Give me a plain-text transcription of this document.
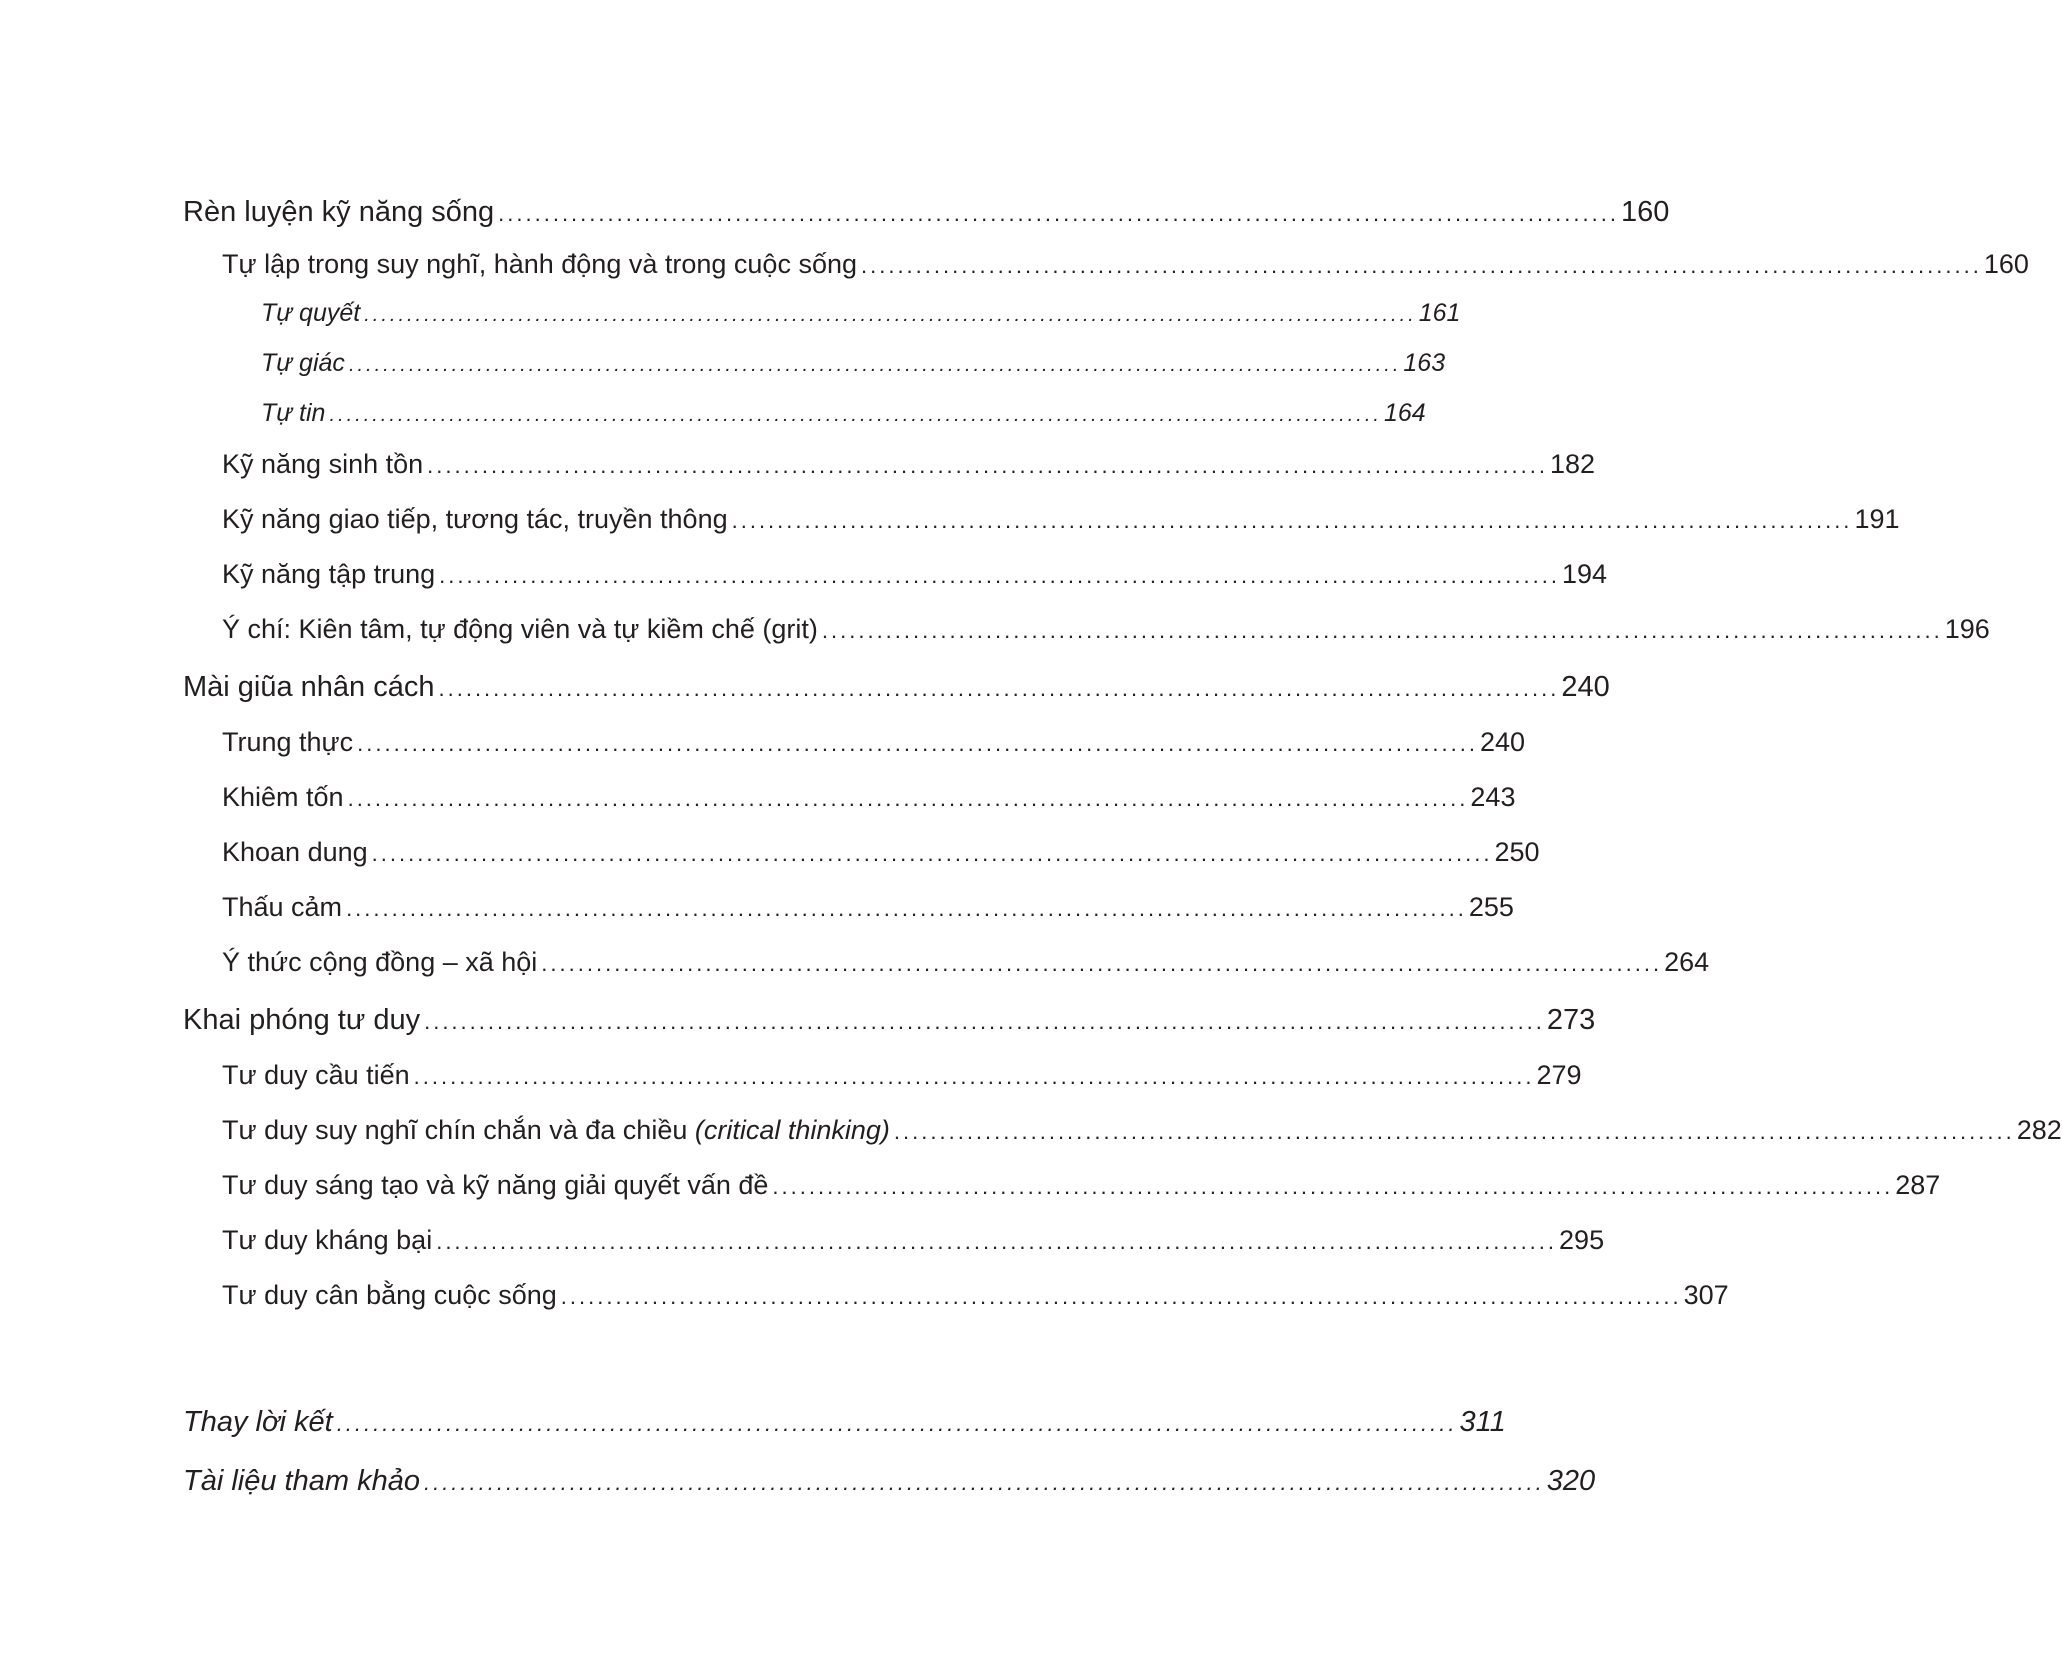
Rèn luyện kỹ năng sống ........................................................................................................................... 160
Tự lập trong suy nghĩ, hành động và trong cuộc sống ........................................................................................................................... 160
Tự quyết ........................................................................................................................... 161
Tự giác ........................................................................................................................... 163
Tự tin ........................................................................................................................... 164
Kỹ năng sinh tồn ........................................................................................................................... 182
Kỹ năng giao tiếp, tương tác, truyền thông ........................................................................................................................... 191
Kỹ năng tập trung ........................................................................................................................... 194
Ý chí: Kiên tâm, tự động viên và tự kiềm chế (grit) ........................................................................................................................... 196
Mài giũa nhân cách ........................................................................................................................... 240
Trung thực ........................................................................................................................... 240
Khiêm tốn ........................................................................................................................... 243
Khoan dung ........................................................................................................................... 250
Thấu cảm ........................................................................................................................... 255
Ý thức cộng đồng – xã hội ........................................................................................................................... 264
Khai phóng tư duy ........................................................................................................................... 273
Tư duy cầu tiến ........................................................................................................................... 279
Tư duy suy nghĩ chín chắn và đa chiều (critical thinking) ........................................................................................................................... 282
Tư duy sáng tạo và kỹ năng giải quyết vấn đề ........................................................................................................................... 287
Tư duy kháng bại ........................................................................................................................... 295
Tư duy cân bằng cuộc sống ........................................................................................................................... 307
Thay lời kết ........................................................................................................................... 311
Tài liệu tham khảo ........................................................................................................................... 320
